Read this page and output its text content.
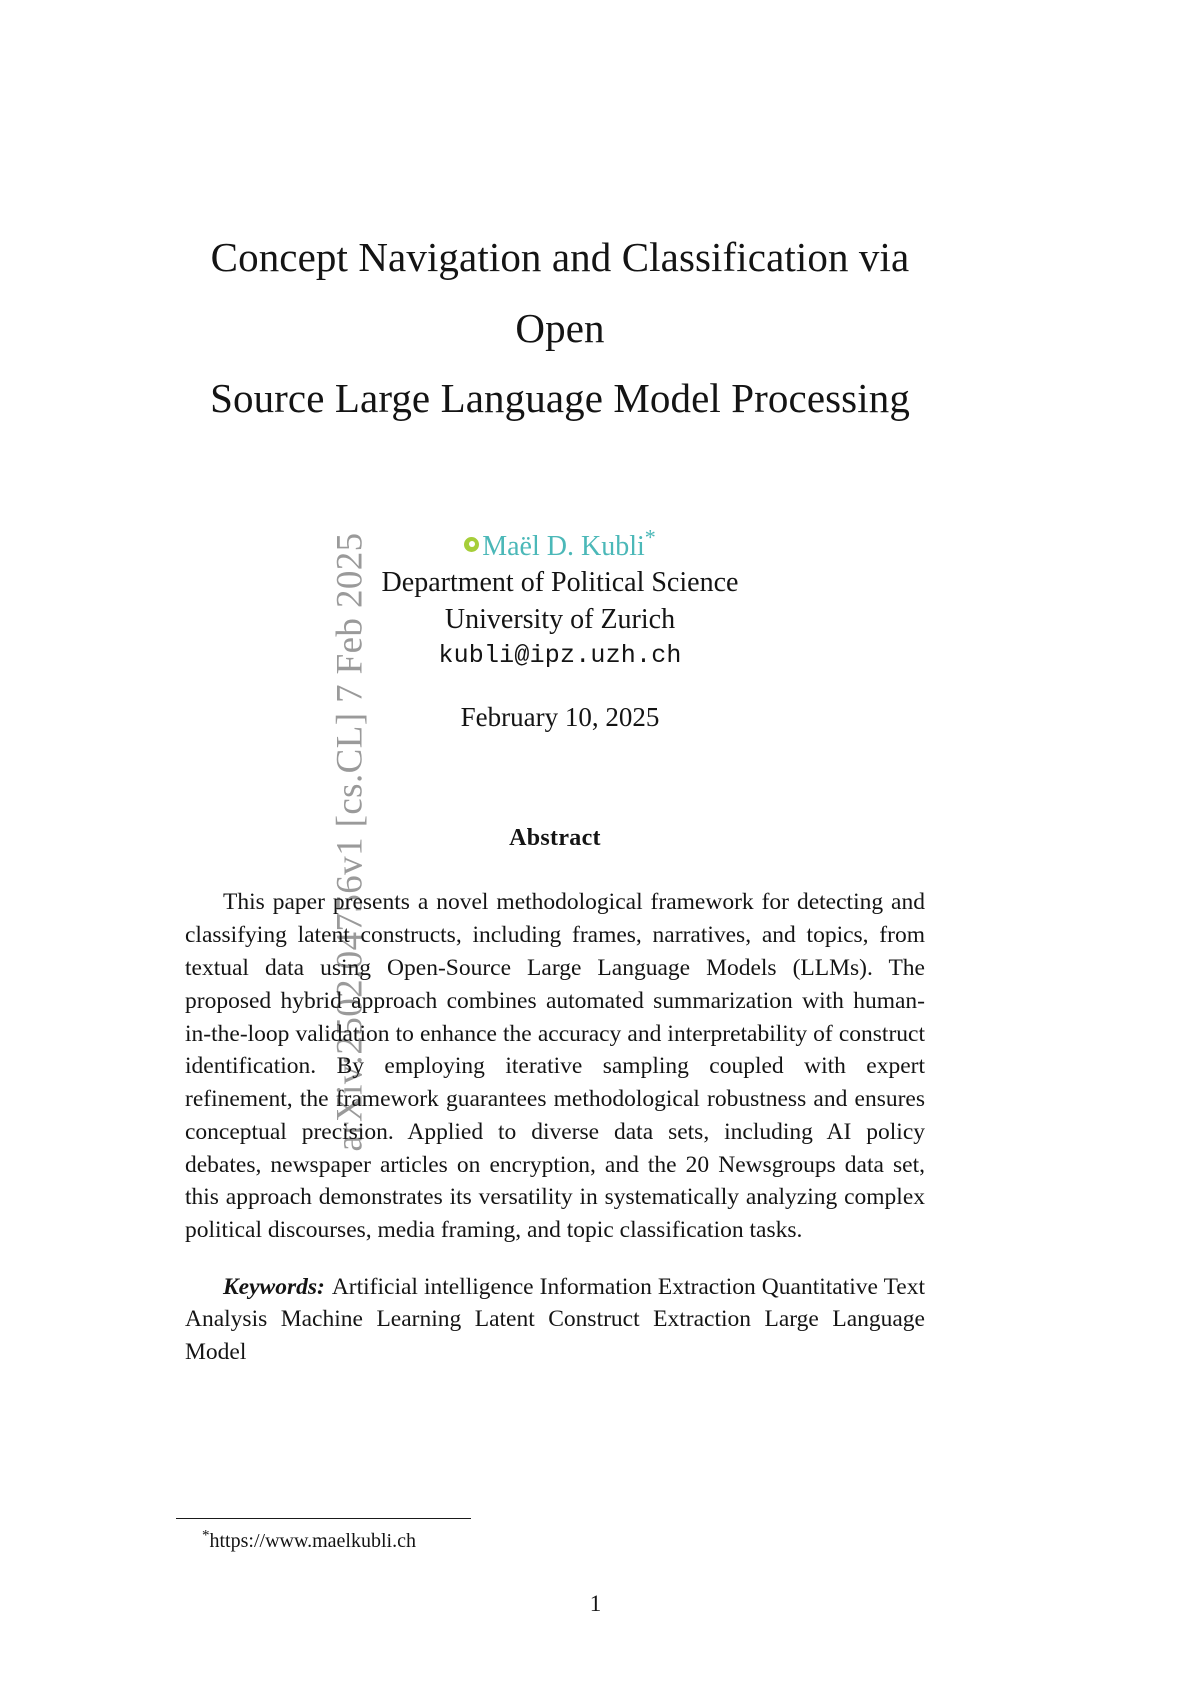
arXiv:2502.04756v1 [cs.CL] 7 Feb 2025
Concept Navigation and Classification via Open
Source Large Language Model Processing
Maël D. Kubli*
Department of Political Science
University of Zurich
kubli@ipz.uzh.ch
February 10, 2025
Abstract

This paper presents a novel methodological framework for detecting and classifying latent constructs, including frames, narratives, and topics, from textual data using Open-Source Large Language Models (LLMs). The proposed hybrid approach combines automated summarization with human-in-the-loop validation to enhance the accuracy and interpretability of construct identification. By employing iterative sampling coupled with expert refinement, the framework guarantees methodological robustness and ensures conceptual precision. Applied to diverse data sets, including AI policy debates, newspaper articles on encryption, and the 20 Newsgroups data set, this approach demonstrates its versatility in systematically analyzing complex political discourses, media framing, and topic classification tasks.

Keywords: Artificial intelligence Information Extraction Quantitative Text Analysis Machine Learning Latent Construct Extraction Large Language Model

*https://www.maelkubli.ch
1
